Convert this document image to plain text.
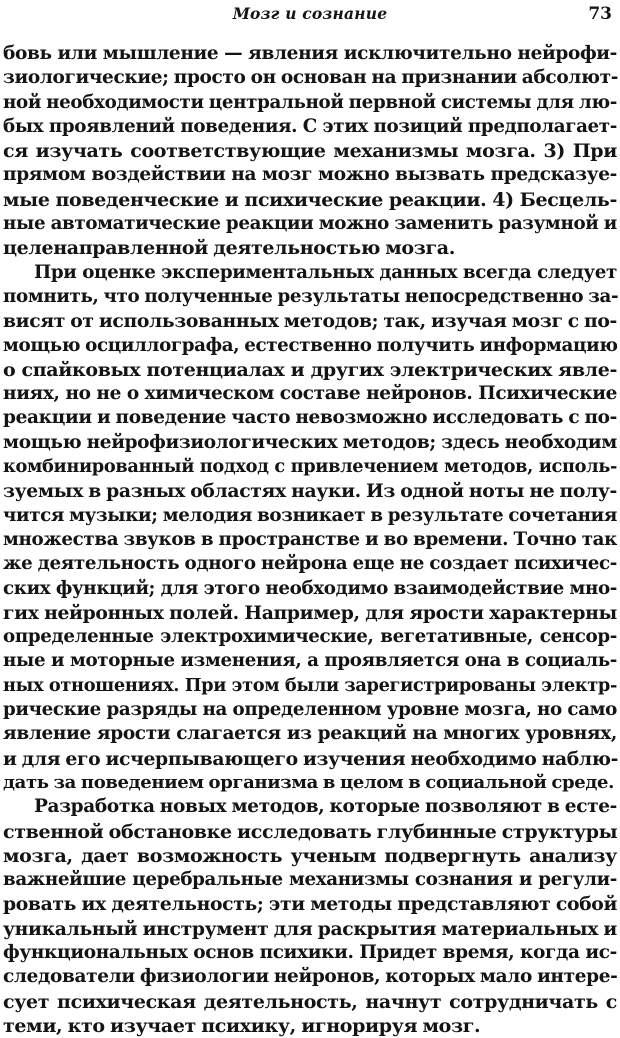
Мозг и сознание	73
бовь или мышление — явления исключительно нейрофи-
зиологические; просто он основан на признании абсолют-
ной необходимости центральной первной системы для лю-
бых проявлений поведения. С этих позиций предполагает-
ся изучать соответствующие механизмы мозга. 3) При
прямом воздействии на мозг можно вызвать предсказуе-
мые поведенческие и психические реакции. 4) Бесцель-
ные автоматические реакции можно заменить разумной и
целенаправленной деятельностью мозга.
При оценке экспериментальных данных всегда следует
помнить, что полученные результаты непосредственно за-
висят от использованных методов; так, изучая мозг с по-
мощью осциллографа, естественно получить информацию
о спайковых потенциалах и других электрических явле-
ниях, но не о химическом составе нейронов. Психические
реакции и поведение часто невозможно исследовать с по-
мощью нейрофизиологических методов; здесь необходим
комбинированный подход с привлечением методов, исполь-
зуемых в разных областях науки. Из одной ноты не полу-
чится музыки; мелодия возникает в результате сочетания
множества звуков в пространстве и во времени. Точно так
же деятельность одного нейрона еще не создает психичес-
ских функций; для этого необходимо взаимодействие мно-
гих нейронных полей. Например, для ярости характерны
определенные электрохимические, вегетативные, сенсор-
ные и моторные изменения, а проявляется она в социаль-
ных отношениях. При этом были зарегистрированы электр-
рические разряды на определенном уровне мозга, но само
явление ярости слагается из реакций на многих уровнях,
и для его исчерпывающего изучения необходимо наблю-
дать за поведением организма в целом в социальной среде.
Разработка новых методов, которые позволяют в есте-
ственной обстановке исследовать глубинные структуры
мозга, дает возможность ученым подвергнуть анализу
важнейшие церебральные механизмы сознания и регули-
ровать их деятельность; эти методы представляют собой
уникальный инструмент для раскрытия материальных и
функциональных основ психики. Придет время, когда ис-
следователи физиологии нейронов, которых мало интере-
сует психическая деятельность, начнут сотрудничать с
теми, кто изучает психику, игнорируя мозг.
